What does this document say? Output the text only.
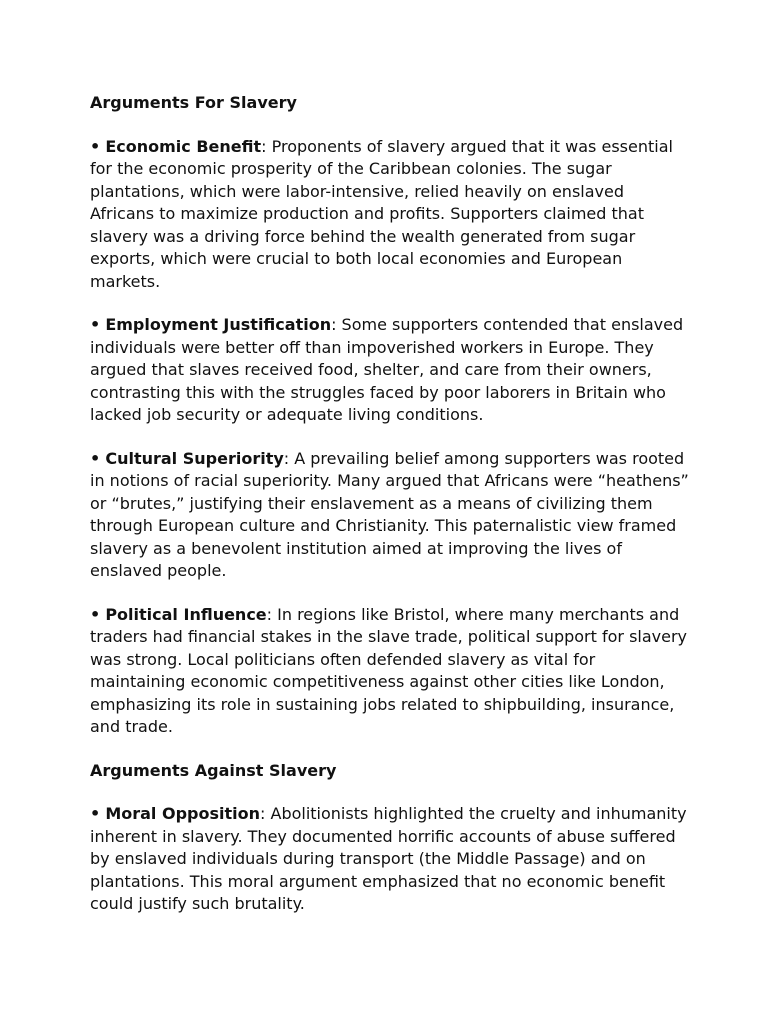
Arguments For Slavery

• Economic Benefit: Proponents of slavery argued that it was essential for the economic prosperity of the Caribbean colonies. The sugar plantations, which were labor-intensive, relied heavily on enslaved Africans to maximize production and profits. Supporters claimed that slavery was a driving force behind the wealth generated from sugar exports, which were crucial to both local economies and European markets.

• Employment Justification: Some supporters contended that enslaved individuals were better off than impoverished workers in Europe. They argued that slaves received food, shelter, and care from their owners, contrasting this with the struggles faced by poor laborers in Britain who lacked job security or adequate living conditions.

• Cultural Superiority: A prevailing belief among supporters was rooted in notions of racial superiority. Many argued that Africans were “heathens” or “brutes,” justifying their enslavement as a means of civilizing them through European culture and Christianity. This paternalistic view framed slavery as a benevolent institution aimed at improving the lives of enslaved people.

• Political Influence: In regions like Bristol, where many merchants and traders had financial stakes in the slave trade, political support for slavery was strong. Local politicians often defended slavery as vital for maintaining economic competitiveness against other cities like London, emphasizing its role in sustaining jobs related to shipbuilding, insurance, and trade.

Arguments Against Slavery

• Moral Opposition: Abolitionists highlighted the cruelty and inhumanity inherent in slavery. They documented horrific accounts of abuse suffered by enslaved individuals during transport (the Middle Passage) and on plantations. This moral argument emphasized that no economic benefit could justify such brutality.
